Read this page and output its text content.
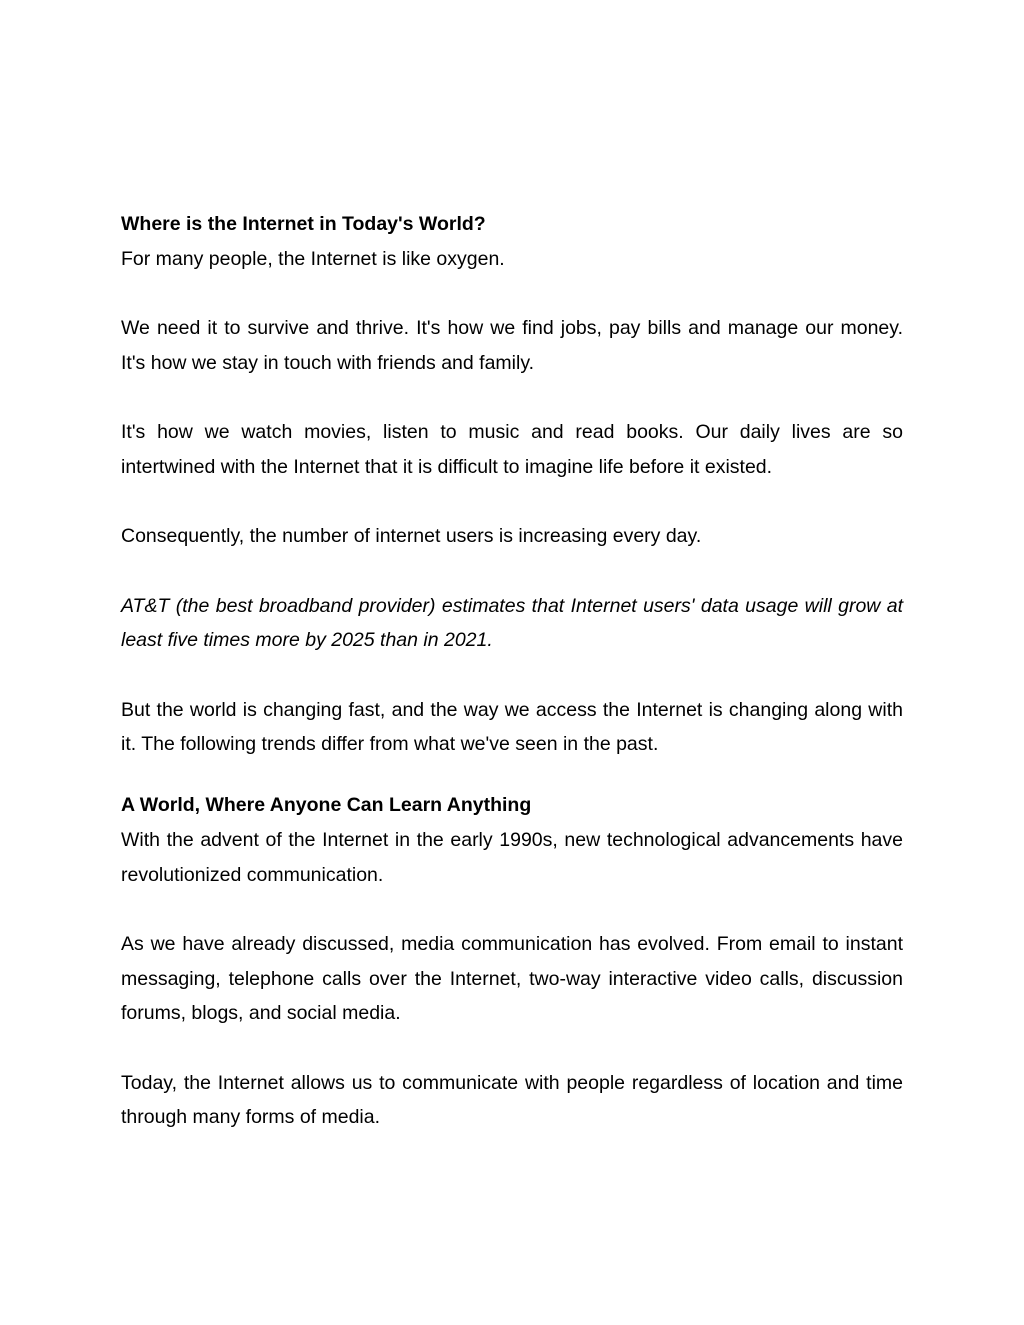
Where is the Internet in Today's World?

For many people, the Internet is like oxygen.

We need it to survive and thrive. It's how we find jobs, pay bills and manage our money. It's how we stay in touch with friends and family.

It's how we watch movies, listen to music and read books. Our daily lives are so intertwined with the Internet that it is difficult to imagine life before it existed.

Consequently, the number of internet users is increasing every day.

AT&T (the best broadband provider) estimates that Internet users' data usage will grow at least five times more by 2025 than in 2021.

But the world is changing fast, and the way we access the Internet is changing along with it. The following trends differ from what we've seen in the past.

A World, Where Anyone Can Learn Anything

With the advent of the Internet in the early 1990s, new technological advancements have revolutionized communication.

As we have already discussed, media communication has evolved. From email to instant messaging, telephone calls over the Internet, two-way interactive video calls, discussion forums, blogs, and social media.

Today, the Internet allows us to communicate with people regardless of location and time through many forms of media.
